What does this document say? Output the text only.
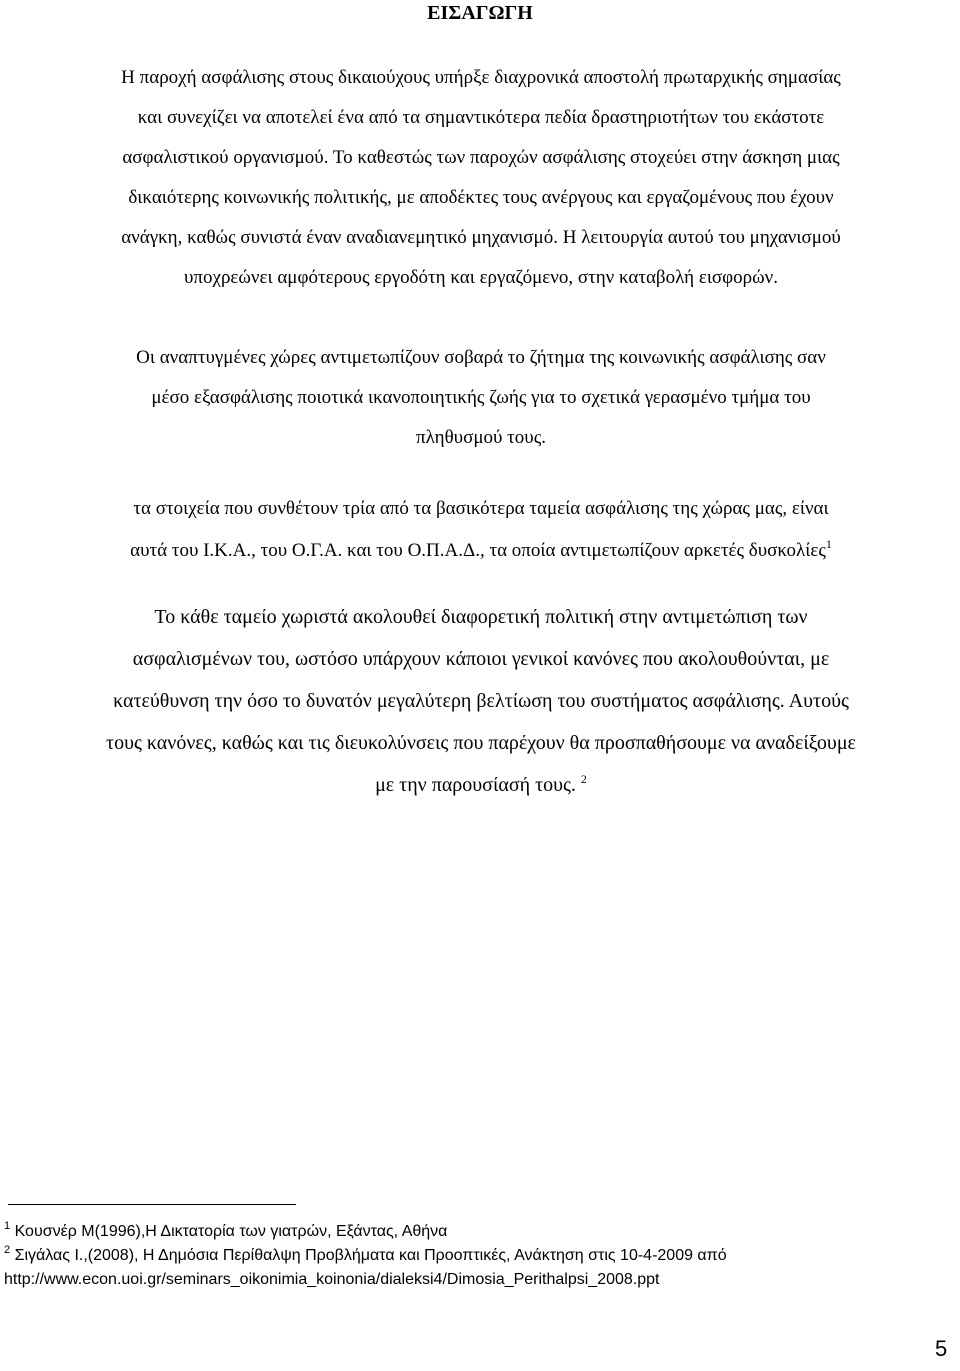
ΕΙΣΑΓΩΓΗ
Η παροχή ασφάλισης στους δικαιούχους υπήρξε διαχρονικά αποστολή πρωταρχικής σημασίας
και συνεχίζει να αποτελεί ένα από τα σημαντικότερα πεδία δραστηριοτήτων του εκάστοτε
ασφαλιστικού οργανισμού. Το καθεστώς των παροχών ασφάλισης στοχεύει στην άσκηση μιας
δικαιότερης κοινωνικής πολιτικής, με αποδέκτες τους ανέργους και εργαζομένους που έχουν
ανάγκη, καθώς συνιστά έναν αναδιανεμητικό μηχανισμό. Η λειτουργία αυτού του μηχανισμού
υποχρεώνει αμφότερους εργοδότη και εργαζόμενο, στην καταβολή εισφορών.
Οι αναπτυγμένες χώρες αντιμετωπίζουν σοβαρά το ζήτημα της κοινωνικής ασφάλισης σαν
μέσο εξασφάλισης ποιοτικά ικανοποιητικής ζωής για το σχετικά γερασμένο τμήμα του
πληθυσμού τους.
τα στοιχεία που συνθέτουν τρία από τα βασικότερα ταμεία ασφάλισης της χώρας μας, είναι
αυτά του Ι.Κ.Α., του Ο.Γ.Α. και του Ο.Π.Α.Δ., τα οποία αντιμετωπίζουν αρκετές δυσκολίες$^1$
Το κάθε ταμείο χωριστά ακολουθεί διαφορετική πολιτική στην αντιμετώπιση των
ασφαλισμένων του, ωστόσο υπάρχουν κάποιοι γενικοί κανόνες που ακολουθούνται, με
κατεύθυνση την όσο το δυνατόν μεγαλύτερη βελτίωση του συστήματος ασφάλισης. Αυτούς
τους κανόνες, καθώς και τις διευκολύνσεις που παρέχουν θα προσπαθήσουμε να αναδείξουμε
με την παρουσίασή τους. $^2$

$^1$ Κουσνέρ Μ(1996),Η Δικτατορία των γιατρών, Εξάντας, Αθήνα

$^2$ Σιγάλας Ι.,(2008), Η Δημόσια Περίθαλψη Προβλήματα και Προοπτικές, Ανάκτηση στις 10-4-2009 από

http://www.econ.uoi.gr/seminars_oikonimia_koinonia/dialeksi4/Dimosia_Perithalpsi_2008.ppt

5
